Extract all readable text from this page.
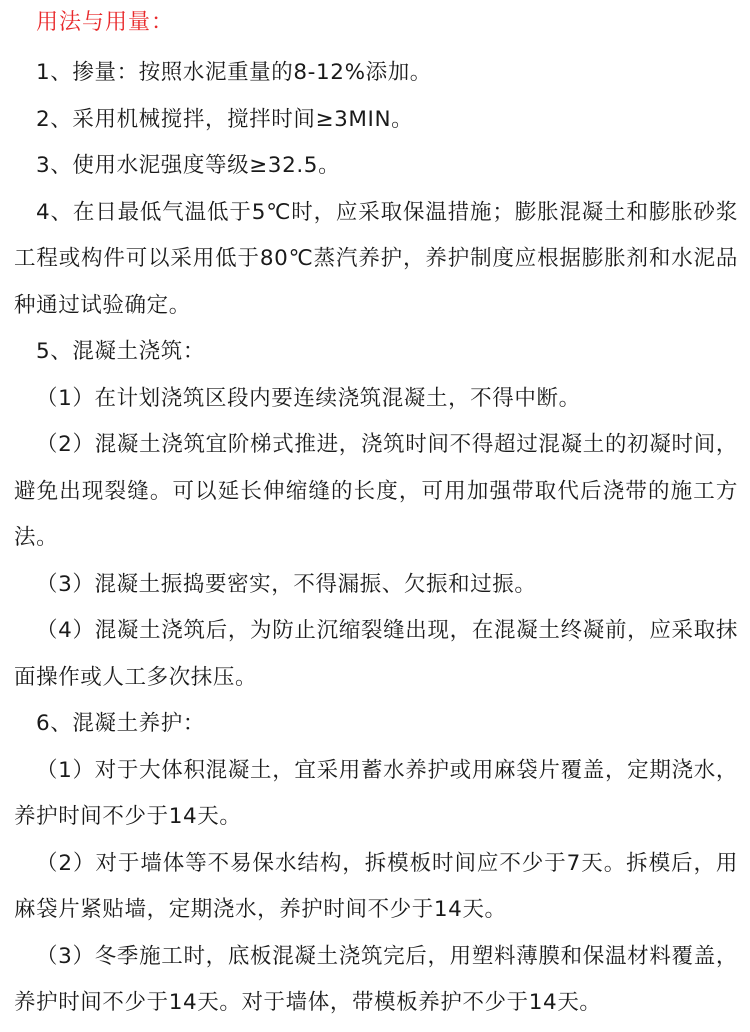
用法与用量：

1、掺量：按照水泥重量的8-12%添加。

2、采用机械搅拌，搅拌时间≥3MIN。

3、使用水泥强度等级≥32.5。

4、在日最低气温低于5℃时，应采取保温措施；膨胀混凝土和膨胀砂浆工程或构件可以采用低于80℃蒸汽养护，养护制度应根据膨胀剂和水泥品种通过试验确定。

5、混凝土浇筑：

（1）在计划浇筑区段内要连续浇筑混凝土，不得中断。

（2）混凝土浇筑宜阶梯式推进，浇筑时间不得超过混凝土的初凝时间，避免出现裂缝。可以延长伸缩缝的长度，可用加强带取代后浇带的施工方法。

（3）混凝土振捣要密实，不得漏振、欠振和过振。

（4）混凝土浇筑后，为防止沉缩裂缝出现，在混凝土终凝前，应采取抹面操作或人工多次抹压。

6、混凝土养护：

（1）对于大体积混凝土，宜采用蓄水养护或用麻袋片覆盖，定期浇水，养护时间不少于14天。

（2）对于墙体等不易保水结构，拆模板时间应不少于7天。拆模后，用麻袋片紧贴墙，定期浇水，养护时间不少于14天。

（3）冬季施工时，底板混凝土浇筑完后，用塑料薄膜和保温材料覆盖，养护时间不少于14天。对于墙体，带模板养护不少于14天。
